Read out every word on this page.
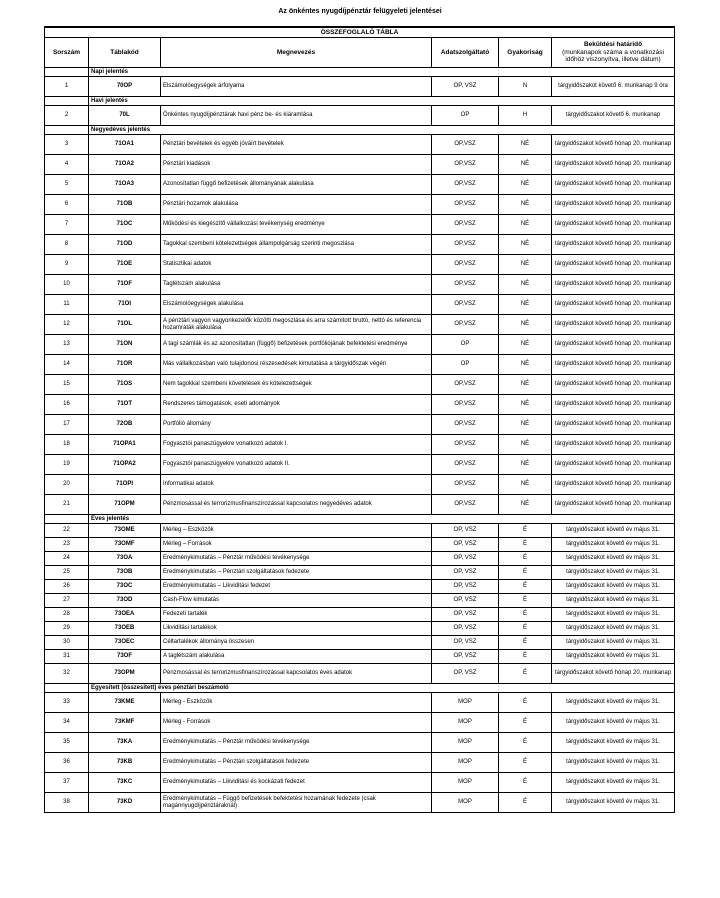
Az önkéntes nyugdíjpénztár felügyeleti jelentései
ÖSSZEFOGLALÓ TÁBLA					
Sorszám	Táblakód	Megnevezés	Adatszolgáltató	Gyakoriság	Beküldési határidő
(munkanapok száma a vonatkozási időhöz viszonyítva, illetve dátum)
	Napi jelentés				
1	70OP	Elszámolóegységek árfolyama	OP, VSZ	N	tárgyidőszakot követő 6. munkanap 9 óra
	Havi jelentés				
2	70L	Önkéntes nyugdíjpénztárak havi pénz be- és kiáramlása	OP	H	tárgyidőszakot követő 6. munkanap
	Negyedéves jelentés				
3	71OA1	Pénztári bevételek és egyéb jóváírt bevételek	OP,VSZ	NÉ	tárgyidőszakot követő hónap 20. munkanap
4	71OA2	Pénztári kiadások	OP,VSZ	NÉ	tárgyidőszakot követő hónap 20. munkanap
5	71OA3	Azonosítatlan függő befizetések állományának alakulása	OP,VSZ	NÉ	tárgyidőszakot követő hónap 20. munkanap
6	71OB	Pénztári hozamok alakulása	OP,VSZ	NÉ	tárgyidőszakot követő hónap 20. munkanap
7	71OC	Működési és kiegészítő vállalkozási tevékenység eredménye	OP,VSZ	NÉ	tárgyidőszakot követő hónap 20. munkanap
8	71OD	Tagokkal szembeni kötelezettségek állampolgárság szerinti megoszlása	OP,VSZ	NÉ	tárgyidőszakot követő hónap 20. munkanap
9	71OE	Statisztikai adatok	OP,VSZ	NÉ	tárgyidőszakot követő hónap 20. munkanap
10	71OF	Taglétszám alakulása	OP,VSZ	NÉ	tárgyidőszakot követő hónap 20. munkanap
11	71OI	Elszámolóegységek alakulása	OP,VSZ	NÉ	tárgyidőszakot követő hónap 20. munkanap
12	71OL	A pénztári vagyon vagyonkezelők közötti megoszlása és arra számított bruttó, nettó és referencia hozamráták alakulása	OP,VSZ	NÉ	tárgyidőszakot követő hónap 20. munkanap
13	71ON	A tagi számlák és az azonosítatlan (függő) befizetések portfóliójának befektetési eredménye	OP	NÉ	tárgyidőszakot követő hónap 20. munkanap
14	71OR	Más vállalkozásban való tulajdonosi részesedések kimutatása a tárgyidőszak végén	OP	NÉ	tárgyidőszakot követő hónap 20. munkanap
15	71OS	Nem tagokkal szembeni követelések és kötelezettségek	OP,VSZ	NÉ	tárgyidőszakot követő hónap 20. munkanap
16	71OT	Rendszeres támogatások, eseti adományok	OP,VSZ	NÉ	tárgyidőszakot követő hónap 20. munkanap
17	72OB	Portfólió állomány	OP,VSZ	NÉ	tárgyidőszakot követő hónap 20. munkanap
18	71OPA1	Fogyasztói panaszügyekre vonatkozó adatok I.	OP,VSZ	NÉ	tárgyidőszakot követő hónap 20. munkanap
19	71OPA2	Fogyasztói panaszügyekre vonatkozó adatok II.	OP,VSZ	NÉ	tárgyidőszakot követő hónap 20. munkanap
20	71OPI	Informatikai adatok	OP,VSZ	NÉ	tárgyidőszakot követő hónap 20. munkanap
21	71OPM	Pénzmosással és terrorizmusfinanszírozással kapcsolatos negyedéves adatok	OP,VSZ	NÉ	tárgyidőszakot követő hónap 20. munkanap
	Éves jelentés				
22	73OME	Mérleg – Eszközök	OP, VSZ	É	tárgyidőszakot követő év május 31.
23	73OMF	Mérleg – Források	OP, VSZ	É	tárgyidőszakot követő év május 31.
24	73OA	Eredménykimutatás – Pénztár működési tevékenysége	OP, VSZ	É	tárgyidőszakot követő év május 31.
25	73OB	Eredménykimutatás – Pénztári szolgáltatások fedezete	OP, VSZ	É	tárgyidőszakot követő év május 31.
26	73OC	Eredménykimutatás – Likviditási fedezet	OP, VSZ	É	tárgyidőszakot követő év május 31.
27	73OD	Cash-Flow kimutatás	OP, VSZ	É	tárgyidőszakot követő év május 31.
28	73OEA	Fedezeti tartalék	OP, VSZ	É	tárgyidőszakot követő év május 31.
29	73OEB	Likviditási tartalékok	OP, VSZ	É	tárgyidőszakot követő év május 31.
30	73OEC	Céltartalékok állománya összesen	OP, VSZ	É	tárgyidőszakot követő év május 31.
31	73OF	A taglétszám alakulása	OP, VSZ	É	tárgyidőszakot követő év május 31.
32	73OPM	Pénzmosással és terrorizmusfinanszírozással kapcsolatos éves adatok	OP, VSZ	É	tárgyidőszakot követő hónap 20. munkanap
	Egyesített (összesített) éves pénztári beszámoló				
33	73KME	Mérleg - Eszközök	MOP	É	tárgyidőszakot követő év május 31.
34	73KMF	Mérleg - Források	MOP	É	tárgyidőszakot követő év május 31.
35	73KA	Eredménykimutatás – Pénztár működési tevékenysége	MOP	É	tárgyidőszakot követő év május 31.
36	73KB	Eredménykimutatás – Pénztári szolgáltatások fedezete	MOP	É	tárgyidőszakot követő év május 31.
37	73KC	Eredménykimutatás – Likviditási és kockázati fedezet	MOP	É	tárgyidőszakot követő év május 31.
38	73KD	Eredménykimutatás – Függő befizetések befektetési hozamának fedezete (csak magánnyugdíjpénztáraknál)	MOP	É	tárgyidőszakot követő év május 31.
